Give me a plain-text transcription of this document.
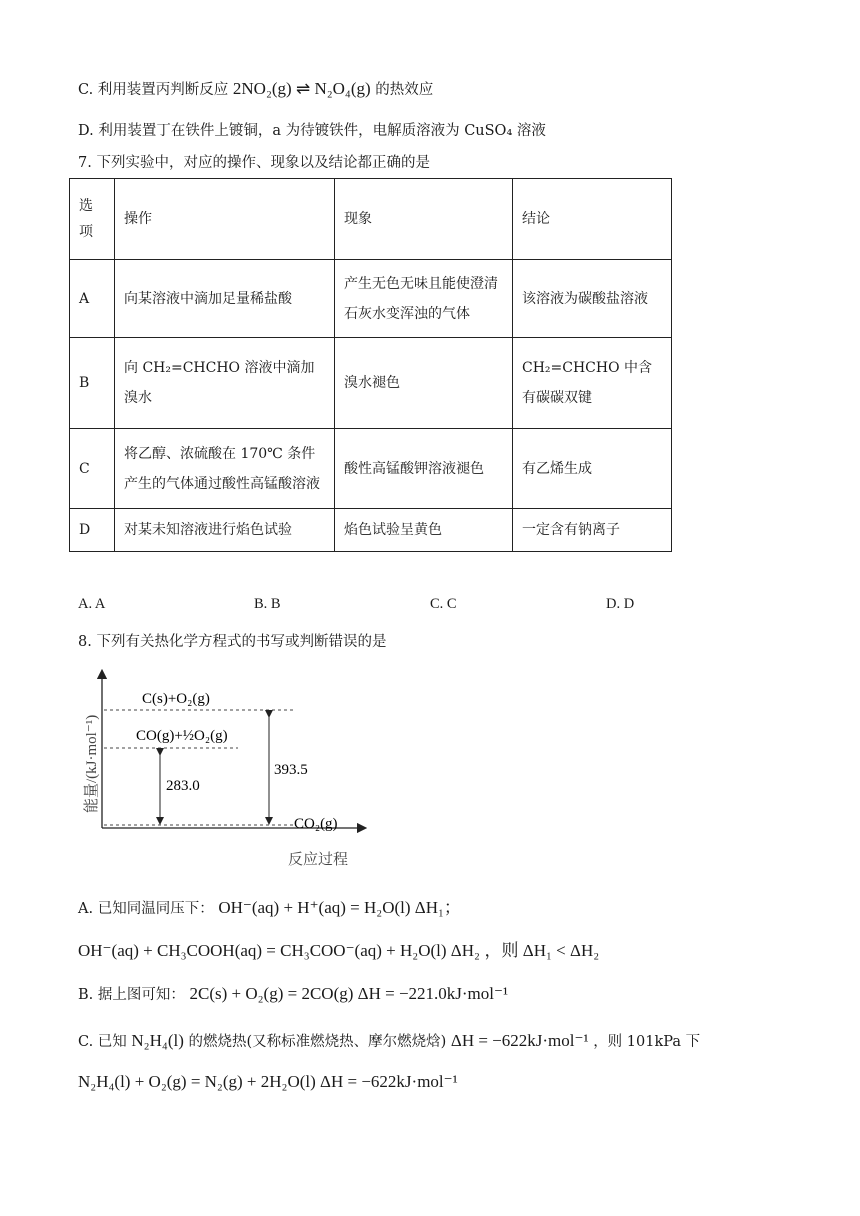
C. 利用装置丙判断反应 2NO₂(g) ⇌ N₂O₄(g) 的热效应
D. 利用装置丁在铁件上镀铜，a 为待镀铁件，电解质溶液为 CuSO₄ 溶液
7. 下列实验中，对应的操作、现象以及结论都正确的是
选
项	操作	现象	结论
A	向某溶液中滴加足量稀盐酸	产生无色无味且能使澄清石灰水变浑浊的气体	该溶液为碳酸盐溶液
B	向 CH₂=CHCHO 溶液中滴加溴水	溴水褪色	CH₂=CHCHO 中含有碳碳双键
C	将乙醇、浓硫酸在 170℃ 条件产生的气体通过酸性高锰酸溶液	酸性高锰酸钾溶液褪色	有乙烯生成
D	对某未知溶液进行焰色试验	焰色试验呈黄色	一定含有钠离子
A. A	B. B	C. C	D. D
8. 下列有关热化学方程式的书写或判断错误的是
能量/(kJ·mol⁻¹)
反应过程
C(s)+O₂(g)
CO(g)+½O₂(g)
CO₂(g)
283.0
393.5
A. 已知同温同压下： OH⁻(aq) + H⁺(aq) = H₂O(l) ΔH₁；
OH⁻(aq) + CH₃COOH(aq) = CH₃COO⁻(aq) + H₂O(l) ΔH₂ ，则 ΔH₁ < ΔH₂
B. 据上图可知： 2C(s) + O₂(g) = 2CO(g) ΔH = −221.0kJ·mol⁻¹
C. 已知 N₂H₄(l) 的燃烧热(又称标准燃烧热、摩尔燃烧焓) ΔH = −622kJ·mol⁻¹ ，则 101kPa 下
N₂H₄(l) + O₂(g) = N₂(g) + 2H₂O(l) ΔH = −622kJ·mol⁻¹
